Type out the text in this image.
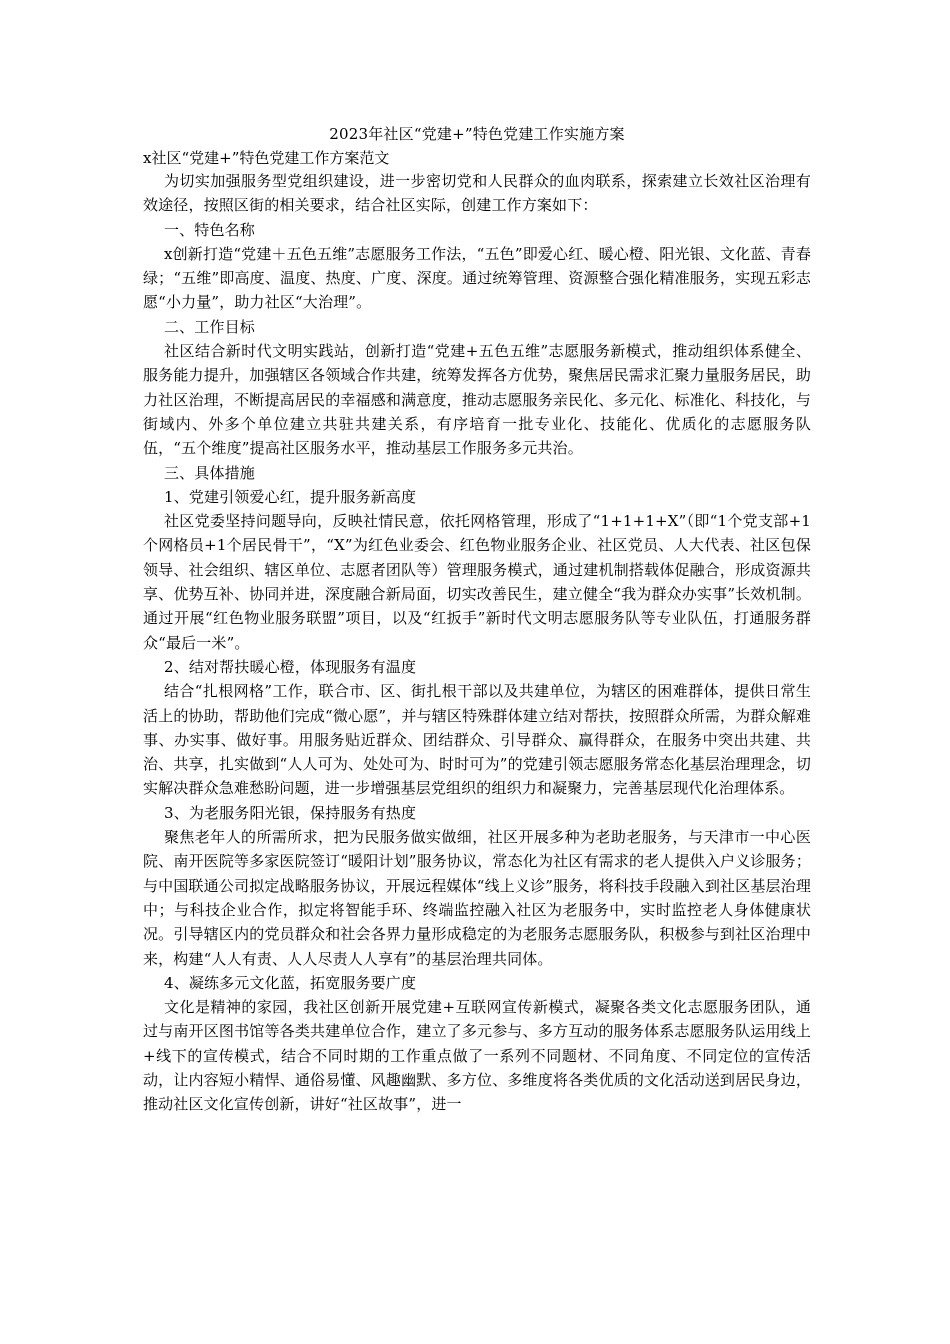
2023年社区“党建+”特色党建工作实施方案
x社区“党建+”特色党建工作方案范文

为切实加强服务型党组织建设，进一步密切党和人民群众的血肉联系，探索建立长效社区治理有效途径，按照区街的相关要求，结合社区实际，创建工作方案如下：

一、特色名称

x创新打造“党建＋五色五维”志愿服务工作法，“五色”即爱心红、暖心橙、阳光银、文化蓝、青春绿；“五维”即高度、温度、热度、广度、深度。通过统筹管理、资源整合强化精准服务，实现五彩志愿“小力量”，助力社区“大治理”。

二、工作目标

社区结合新时代文明实践站，创新打造“党建+五色五维”志愿服务新模式，推动组织体系健全、服务能力提升，加强辖区各领域合作共建，统筹发挥各方优势，聚焦居民需求汇聚力量服务居民，助力社区治理，不断提高居民的幸福感和满意度，推动志愿服务亲民化、多元化、标准化、科技化，与街域内、外多个单位建立共驻共建关系，有序培育一批专业化、技能化、优质化的志愿服务队伍，“五个维度”提高社区服务水平，推动基层工作服务多元共治。

三、具体措施

1、党建引领爱心红，提升服务新高度

社区党委坚持问题导向，反映社情民意，依托网格管理，形成了“1+1+1+X”（即“1个党支部+1个网格员+1个居民骨干”，“X”为红色业委会、红色物业服务企业、社区党员、人大代表、社区包保领导、社会组织、辖区单位、志愿者团队等）管理服务模式，通过建机制搭载体促融合，形成资源共享、优势互补、协同并进，深度融合新局面，切实改善民生，建立健全“我为群众办实事”长效机制。通过开展“红色物业服务联盟”项目，以及“红扳手”新时代文明志愿服务队等专业队伍，打通服务群众“最后一米”。

2、结对帮扶暖心橙，体现服务有温度

结合“扎根网格”工作，联合市、区、街扎根干部以及共建单位，为辖区的困难群体，提供日常生活上的协助，帮助他们完成“微心愿”，并与辖区特殊群体建立结对帮扶，按照群众所需，为群众解难事、办实事、做好事。用服务贴近群众、团结群众、引导群众、赢得群众，在服务中突出共建、共治、共享，扎实做到“人人可为、处处可为、时时可为”的党建引领志愿服务常态化基层治理理念，切实解决群众急难愁盼问题，进一步增强基层党组织的组织力和凝聚力，完善基层现代化治理体系。

3、为老服务阳光银，保持服务有热度

聚焦老年人的所需所求，把为民服务做实做细，社区开展多种为老助老服务，与天津市一中心医院、南开医院等多家医院签订“暖阳计划”服务协议，常态化为社区有需求的老人提供入户义诊服务；与中国联通公司拟定战略服务协议，开展远程媒体“线上义诊”服务，将科技手段融入到社区基层治理中；与科技企业合作，拟定将智能手环、终端监控融入社区为老服务中，实时监控老人身体健康状况。引导辖区内的党员群众和社会各界力量形成稳定的为老服务志愿服务队，积极参与到社区治理中来，构建“人人有责、人人尽责人人享有”的基层治理共同体。

4、凝练多元文化蓝，拓宽服务要广度

文化是精神的家园，我社区创新开展党建+互联网宣传新模式，凝聚各类文化志愿服务团队，通过与南开区图书馆等各类共建单位合作，建立了多元参与、多方互动的服务体系志愿服务队运用线上+线下的宣传模式，结合不同时期的工作重点做了一系列不同题材、不同角度、不同定位的宣传活动，让内容短小精悍、通俗易懂、风趣幽默、多方位、多维度将各类优质的文化活动送到居民身边，推动社区文化宣传创新，讲好“社区故事”，进一
